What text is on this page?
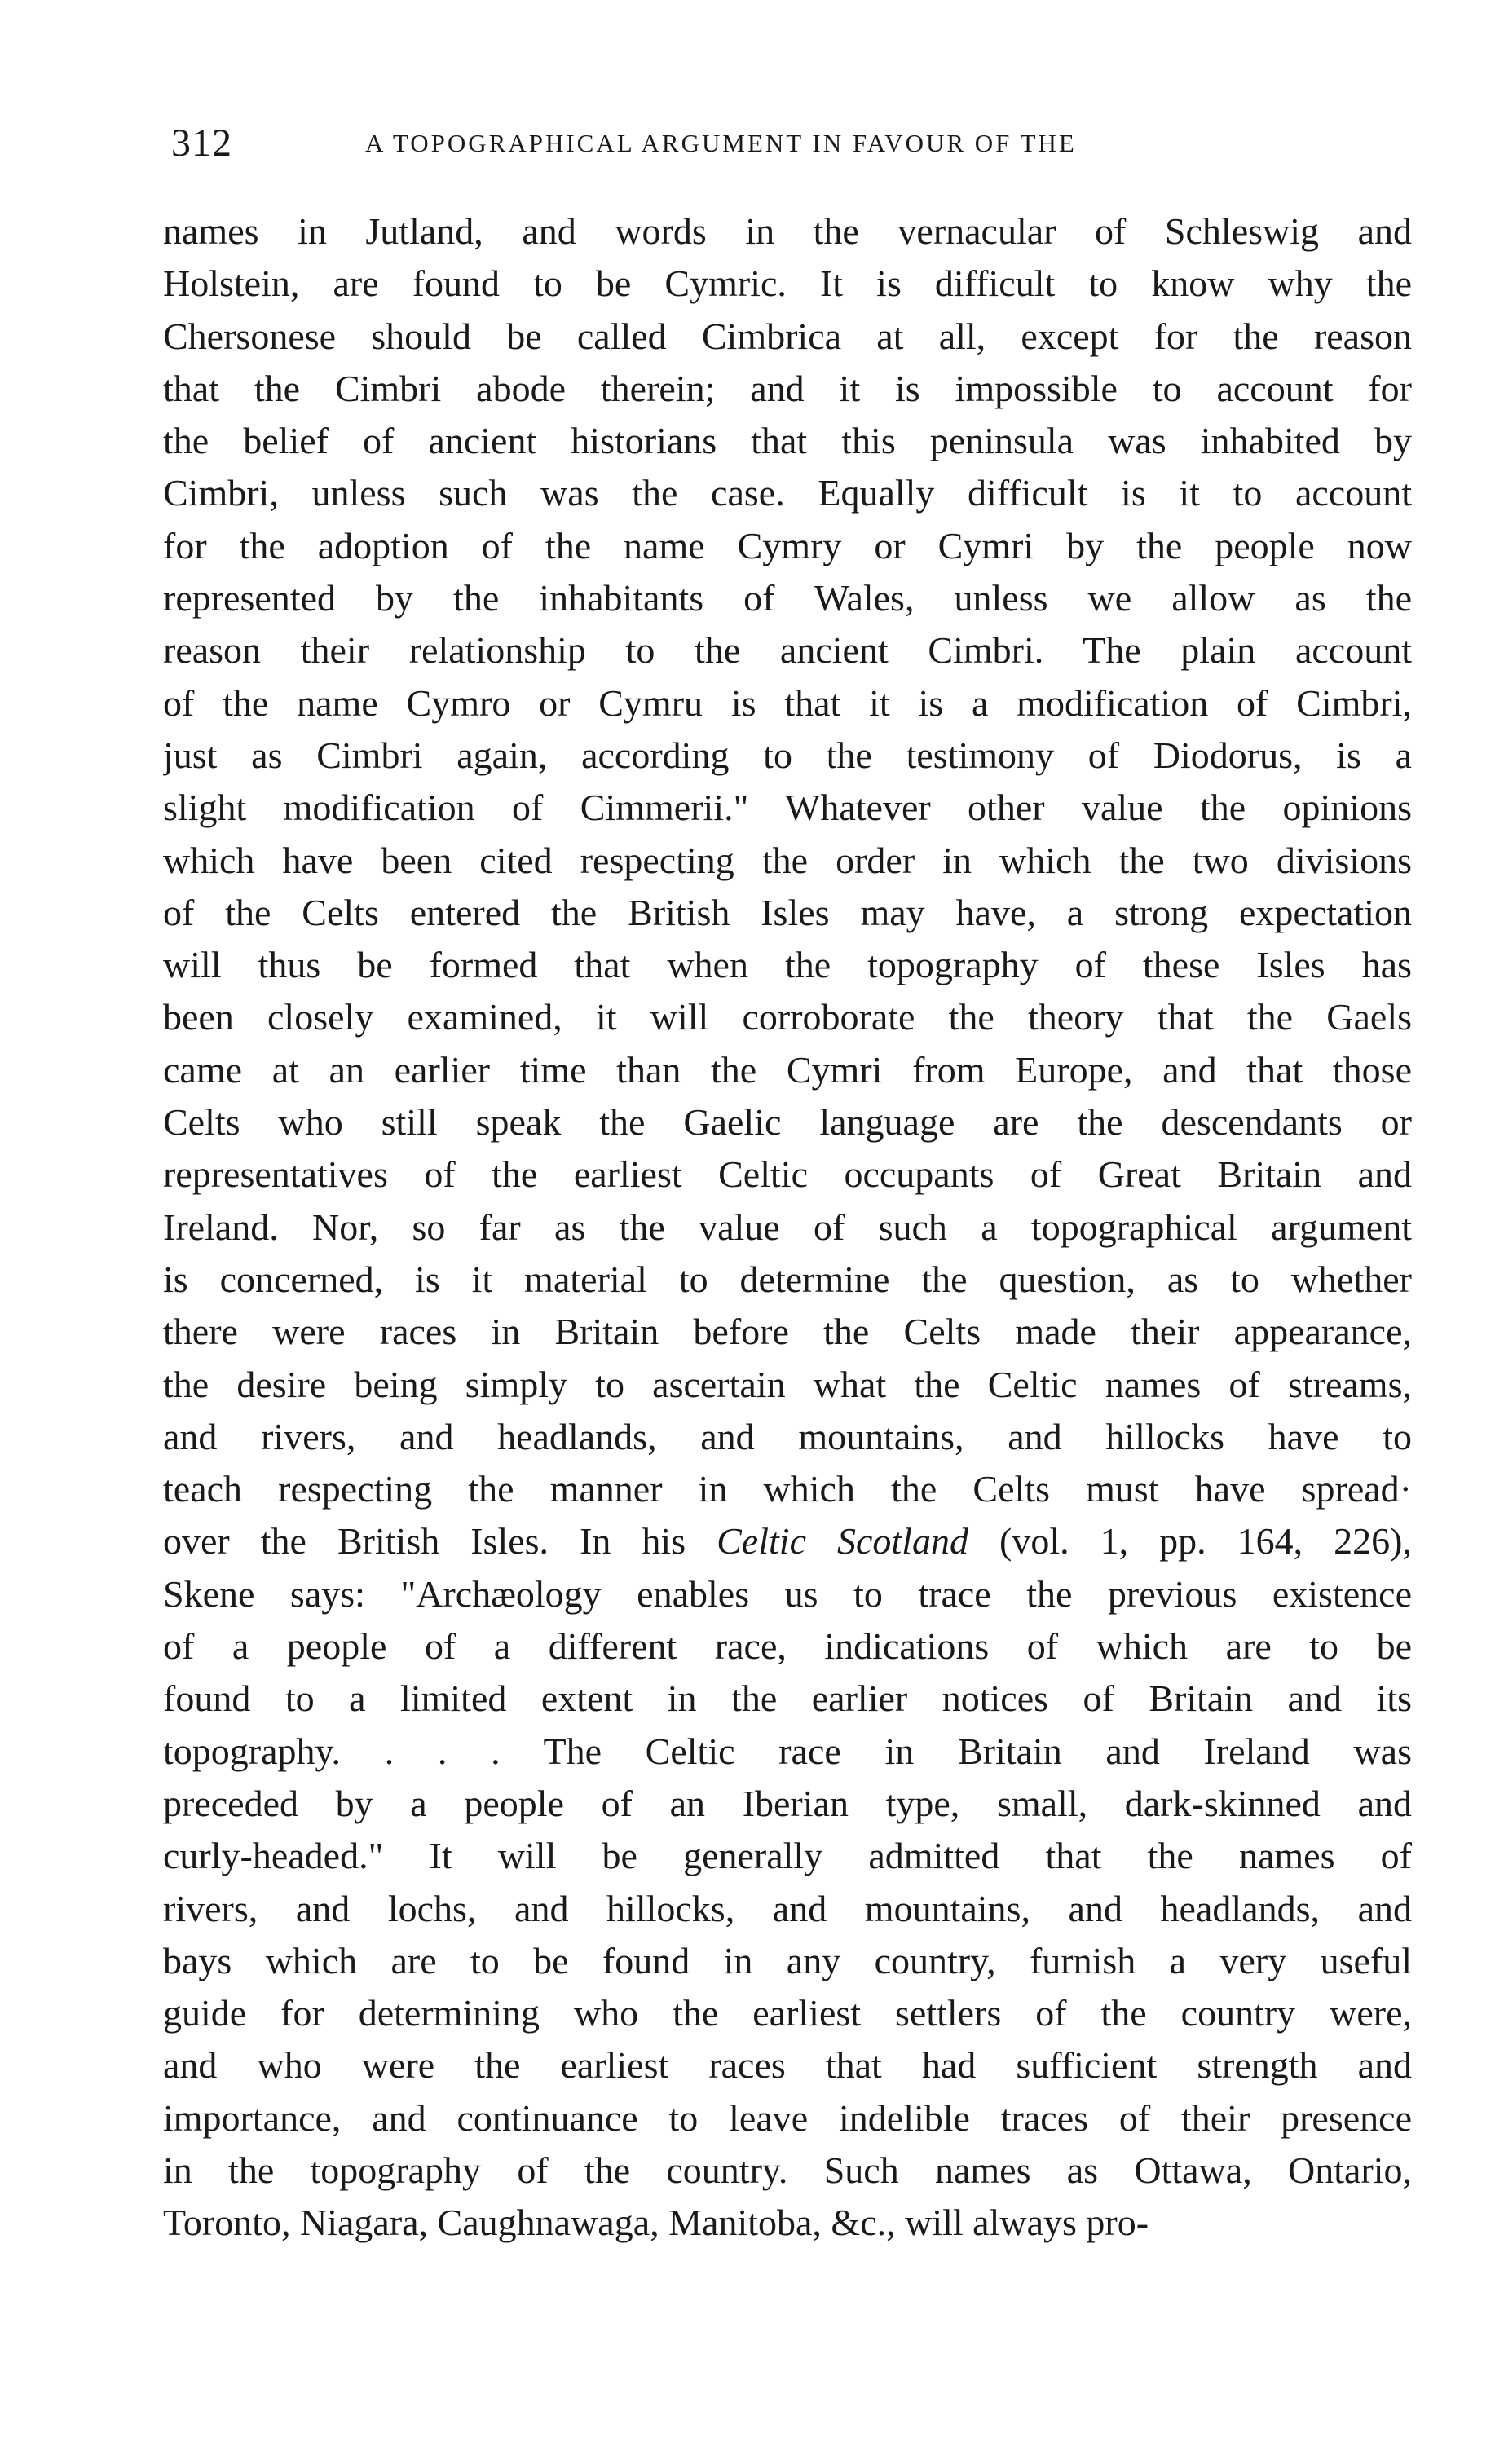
312	A TOPOGRAPHICAL ARGUMENT IN FAVOUR OF THE
names in Jutland, and words in the vernacular of Schleswig and
Holstein, are found to be Cymric. It is difficult to know why the
Chersonese should be called Cimbrica at all, except for the reason
that the Cimbri abode therein; and it is impossible to account for
the belief of ancient historians that this peninsula was inhabited by
Cimbri, unless such was the case. Equally difficult is it to account
for the adoption of the name Cymry or Cymri by the people now
represented by the inhabitants of Wales, unless we allow as the
reason their relationship to the ancient Cimbri. The plain account
of the name Cymro or Cymru is that it is a modification of Cimbri,
just as Cimbri again, according to the testimony of Diodorus, is a
slight modification of Cimmerii." Whatever other value the opinions
which have been cited respecting the order in which the two divisions
of the Celts entered the British Isles may have, a strong expectation
will thus be formed that when the topography of these Isles has
been closely examined, it will corroborate the theory that the Gaels
came at an earlier time than the Cymri from Europe, and that those
Celts who still speak the Gaelic language are the descendants or
representatives of the earliest Celtic occupants of Great Britain and
Ireland. Nor, so far as the value of such a topographical argument
is concerned, is it material to determine the question, as to whether
there were races in Britain before the Celts made their appearance,
the desire being simply to ascertain what the Celtic names of streams,
and rivers, and headlands, and mountains, and hillocks have to
teach respecting the manner in which the Celts must have spread·
over the British Isles. In his Celtic Scotland (vol. 1, pp. 164, 226),
Skene says: "Archæology enables us to trace the previous existence
of a people of a different race, indications of which are to be
found to a limited extent in the earlier notices of Britain and its
topography. . . . The Celtic race in Britain and Ireland was
preceded by a people of an Iberian type, small, dark-skinned and
curly-headed." It will be generally admitted that the names of
rivers, and lochs, and hillocks, and mountains, and headlands, and
bays which are to be found in any country, furnish a very useful
guide for determining who the earliest settlers of the country were,
and who were the earliest races that had sufficient strength and
importance, and continuance to leave indelible traces of their presence
in the topography of the country. Such names as Ottawa, Ontario,
Toronto, Niagara, Caughnawaga, Manitoba, &c., will always pro-
